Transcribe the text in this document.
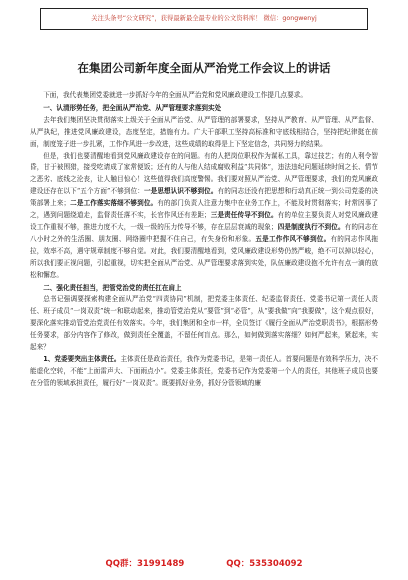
关注头条号“公文研究”，获得最新最全最专业的公文资料库！ 微信：gongwenyj
在集团公司新年度全面从严治党工作会议上的讲话

下面，我代表集团党委就进一步抓好今年的全面从严治党和党风廉政建设工作提几点要求。

一、认清形势任务，把全面从严治党、从严管理要求落到实处

去年我们集团坚决贯彻落实上级关于全面从严治党、从严管理的部署要求，坚持从严教育、从严管理、从严监督、从严执纪，推进党风廉政建设，态度坚定，措施有力。广大干部职工坚持高标准和守底线相结合，坚持把纪律挺在前面，制度笼子进一步扎紧，工作作风进一步改进，这些成绩的取得是上下坚定信念，共同努力的结果。

但是，我们也要清醒地看到党风廉政建设存在的问题。有的人把岗位职权作为谋私工具，靠过技艺；有的人利令智昏，甘于被围猎，接受吃请成了家常便饭；还有的人与他人结成腐败利益“共同体”，违法违纪问题延续时间之长、情节之恶劣、底线之沦丧，让人触目惊心！这些值得我们高度警惕。我们要对照从严治党、从严管理要求，我们的党风廉政建设还存在以下“五个方面”不够到位：一是思想认识不够到位。有的同志还没有把思想和行动真正统一到公司党委的决策部署上来；二是工作落实落细不够到位。有的部门负责人注意力集中在业务工作上，不能及时贯彻落实；时常因事了之，遇到问题绕道走，监督责任落不实，长官作风还有差距；三是责任传导不到位。有的单位主要负责人对党风廉政建设工作重视不够，推进力度不大，一级一级的压力传导不够，存在层层衰减的现象；四是制度执行不到位。有的同志在八小时之外的生活圈、朋友圈、网络圈中把握不住自己，有失身份和形象。五是工作作风不够到位。有的同志作风拖拉，效率不高，遇守规章制度不够自觉。对此，我们要清醒地看到，党风廉政建设形势仍然严峻，绝不可以掉以轻心，所以我们要正视问题，引起重视，切实把全面从严治党、从严管理要求落到实处，队伍廉政建设抱不允许有点一滴的放松和懈怠。

二、强化责任担当，把管党治党的责任扛在肩上

总书记强调要探索构建全面从严治党“四责协同”机制，把党委主体责任、纪委监督责任、党委书记第一责任人责任、班子成员“一岗双责”统一和联动起来，推动管党治党从“要管”到“必管”，从“要我做”向“我要做”，这个观点很好，要深化落实推动管党治党责任有效落实。今年，我们集团和全市一样，全员签订《履行全面从严治党职责书》，根据形势任务要求，部分内容作了修改，做到责任全覆盖，不留任何盲点。那么，如何做到落实落细？如何严起来，紧起来，实起来？

1、党委要突出主体责任。主体责任是政治责任，我作为党委书记，是第一责任人。首要问题是有效科学压力，决不能虚化空转，不能“上面雷声大、下面雨点小”。党委主体责任，党委书记作为党委第一个人的责任，其他班子成员也要在分管的领域承担责任，履行好“一岗双责”。既要抓好业务，抓好分管领域的廉

QQ群：31991489	QQ：535304092
